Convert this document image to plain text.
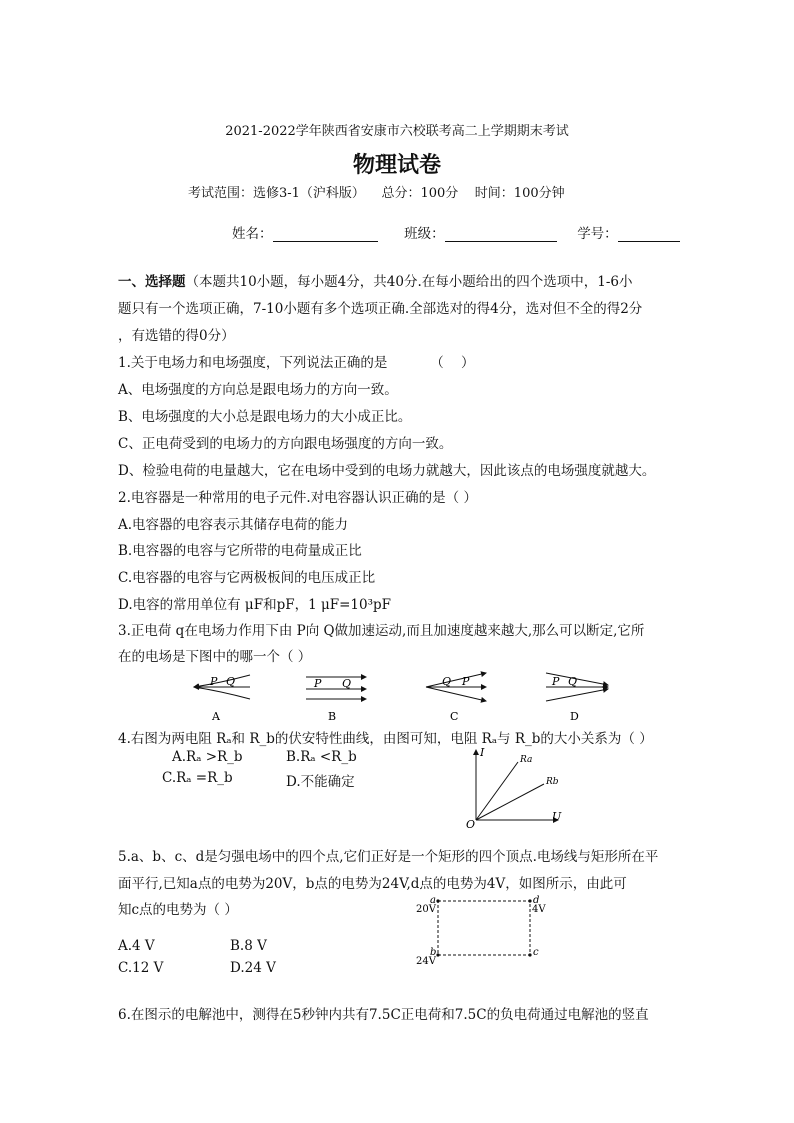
2021-2022学年陕西省安康市六校联考高二上学期期末考试
物理试卷
考试范围：选修3-1（沪科版）    总分：100分    时间：100分钟
姓名：	班级：	学号：
一、选择题（本题共10小题，每小题4分，共40分.在每小题给出的四个选项中，1-6小
题只有一个选项正确，7-10小题有多个选项正确.全部选对的得4分，选对但不全的得2分
，有选错的得0分）
1.关于电场力和电场强度，下列说法正确的是          （    ）
A、电场强度的方向总是跟电场力的方向一致。
B、电场强度的大小总是跟电场力的大小成正比。
C、正电荷受到的电场力的方向跟电场强度的方向一致。
D、检验电荷的电量越大，它在电场中受到的电场力就越大，因此该点的电场强度就越大。
2.电容器是一种常用的电子元件.对电容器认识正确的是（ ）
A.电容器的电容表示其储存电荷的能力
B.电容器的电容与它所带的电荷量成正比
C.电容器的电容与它两极板间的电压成正比
D.电容的常用单位有 μF和pF，1 μF=10³pF
3.正电荷 q在电场力作用下由 P向 Q做加速运动,而且加速度越来越大,那么可以断定,它所
在的电场是下图中的哪一个（ ）
P Q
A
P Q
B
Q P
C
P Q
D
4.右图为两电阻 Rₐ和 R_b的伏安特性曲线，由图可知，电阻 Rₐ与 R_b的大小关系为（ ）
A.Rₐ >R_b	B.Rₐ <R_b
C.Rₐ =R_b	D.不能确定
I
U
O
Ra
Rb
5.a、b、c、d是匀强电场中的四个点,它们正好是一个矩形的四个顶点.电场线与矩形所在平
面平行,已知a点的电势为20V，b点的电势为24V,d点的电势为4V，如图所示，由此可
知c点的电势为（ ）
A.4 V	B.8 V
C.12 V	D.24 V
a
20V
d
4V
b
24V
c
6.在图示的电解池中，测得在5秒钟内共有7.5C正电荷和7.5C的负电荷通过电解池的竖直
